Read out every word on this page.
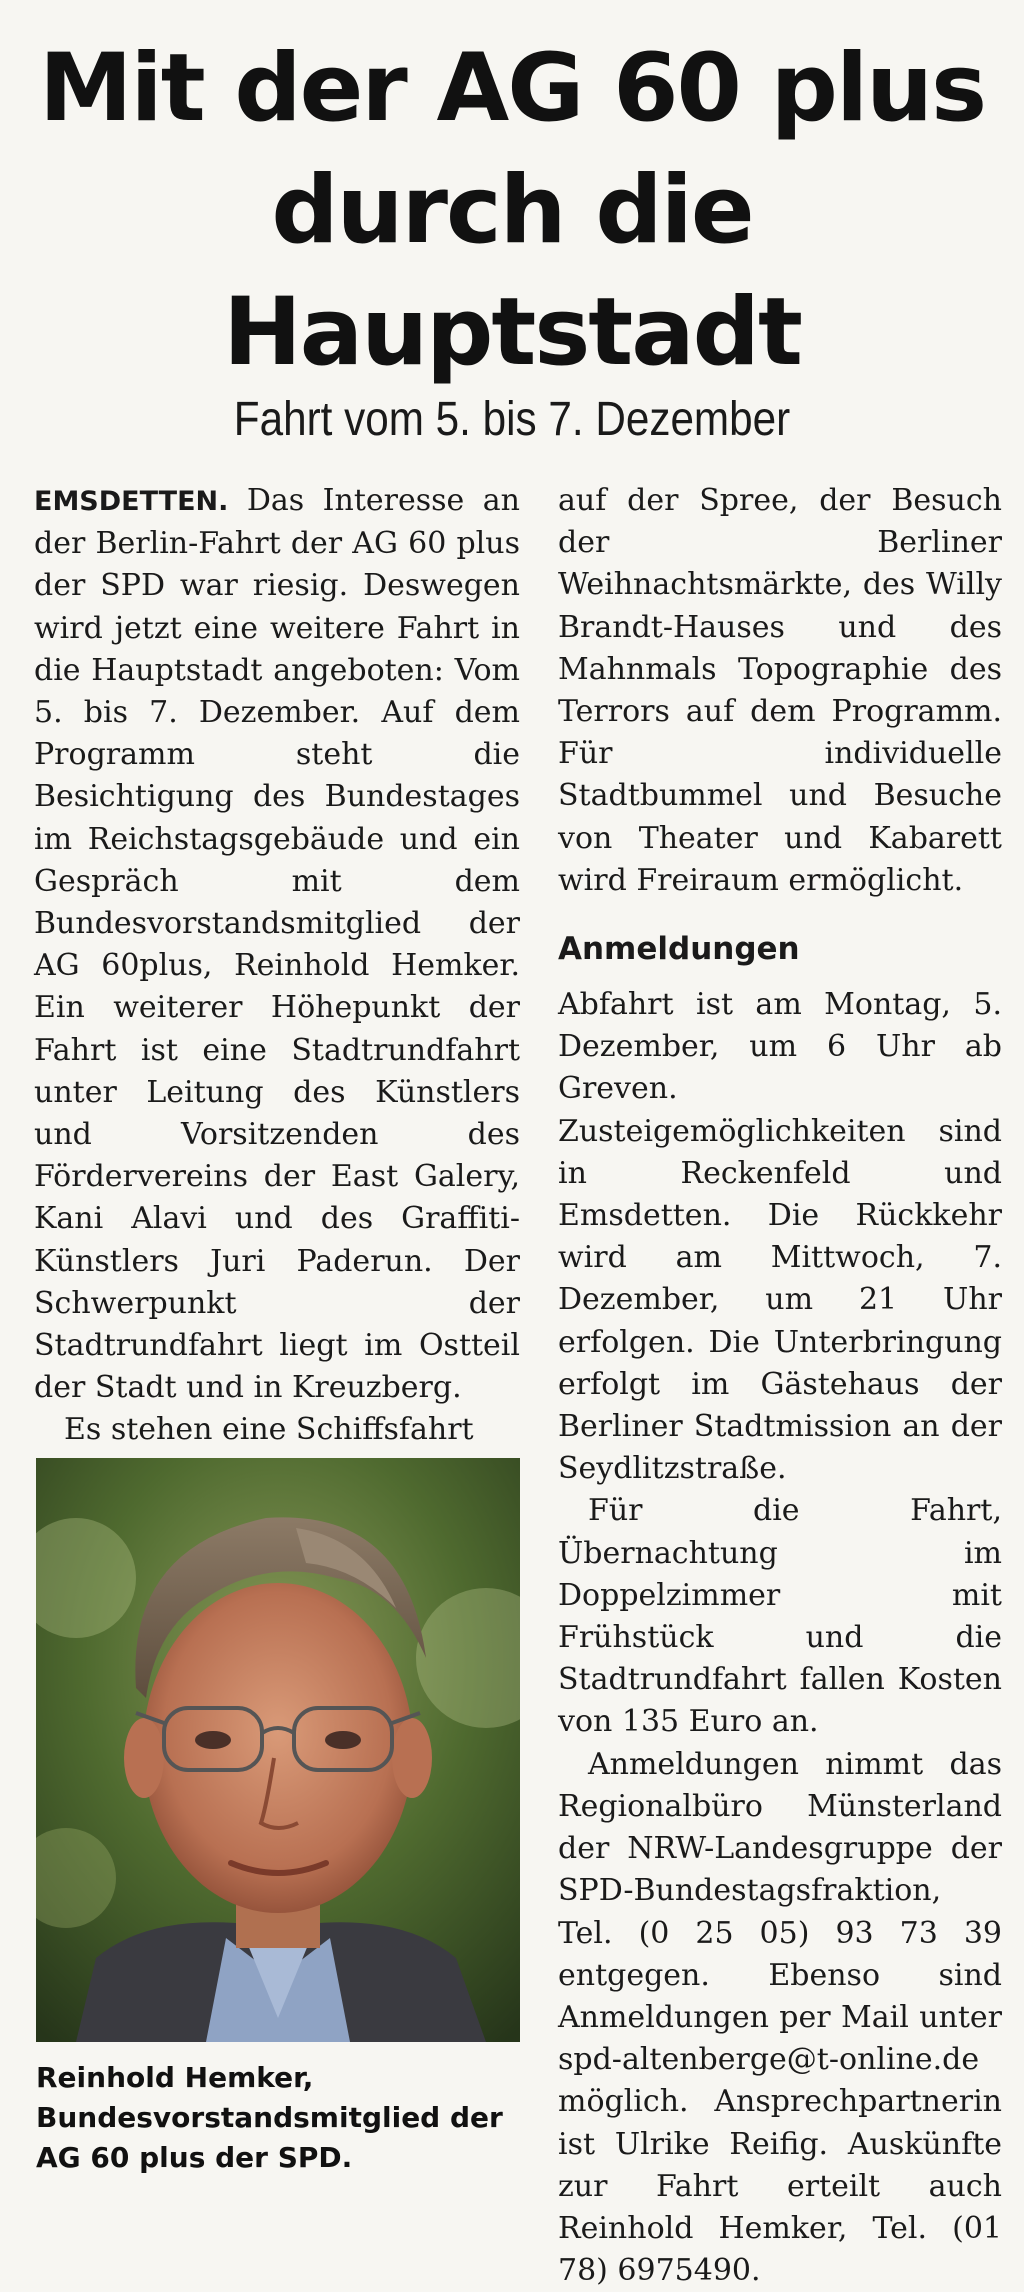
Mit der AG 60 plus
durch die
Hauptstadt
Fahrt vom 5. bis 7. Dezember

EMSDETTEN. Das Interesse an der Berlin-Fahrt der AG 60 plus der SPD war riesig. Deswegen wird jetzt eine weitere Fahrt in die Hauptstadt angeboten: Vom 5. bis 7. Dezember. Auf dem Programm steht die Besichtigung des Bundestages im Reichstagsgebäude und ein Gespräch mit dem Bundesvorstandsmitglied der AG 60plus, Reinhold Hemker. Ein weiterer Höhepunkt der Fahrt ist eine Stadtrundfahrt unter Leitung des Künstlers und Vorsitzenden des Fördervereins der East Galery, Kani Alavi und des Graffiti-Künstlers Juri Paderun. Der Schwerpunkt der Stadtrundfahrt liegt im Ostteil der Stadt und in Kreuzberg.

Es stehen eine Schiffsfahrt

auf der Spree, der Besuch der Berliner Weihnachtsmärkte, des Willy Brandt-Hauses und des Mahnmals Topographie des Terrors auf dem Programm. Für individuelle Stadtbummel und Besuche von Theater und Kabarett wird Freiraum ermöglicht.

Anmeldungen

Abfahrt ist am Montag, 5. Dezember, um 6 Uhr ab Greven. Zusteigemöglichkeiten sind in Reckenfeld und Emsdetten. Die Rückkehr wird am Mittwoch, 7. Dezember, um 21 Uhr erfolgen. Die Unterbringung erfolgt im Gästehaus der Berliner Stadtmission an der Seydlitzstraße.

Für die Fahrt, Übernachtung im Doppelzimmer mit Frühstück und die Stadtrundfahrt fallen Kosten von 135 Euro an.

Anmeldungen nimmt das Regionalbüro Münsterland der NRW-Landesgruppe der SPD-Bundestagsfraktion, Tel. (0 25 05) 93 73 39 entgegen. Ebenso sind Anmeldungen per Mail unter spd-altenberge@t-online.de möglich. Ansprechpartnerin ist Ulrike Reifig. Auskünfte zur Fahrt erteilt auch Reinhold Hemker, Tel. (01 78) 6975490.

Reinhold Hemker, Bundesvorstandsmitglied der AG 60 plus der SPD.
